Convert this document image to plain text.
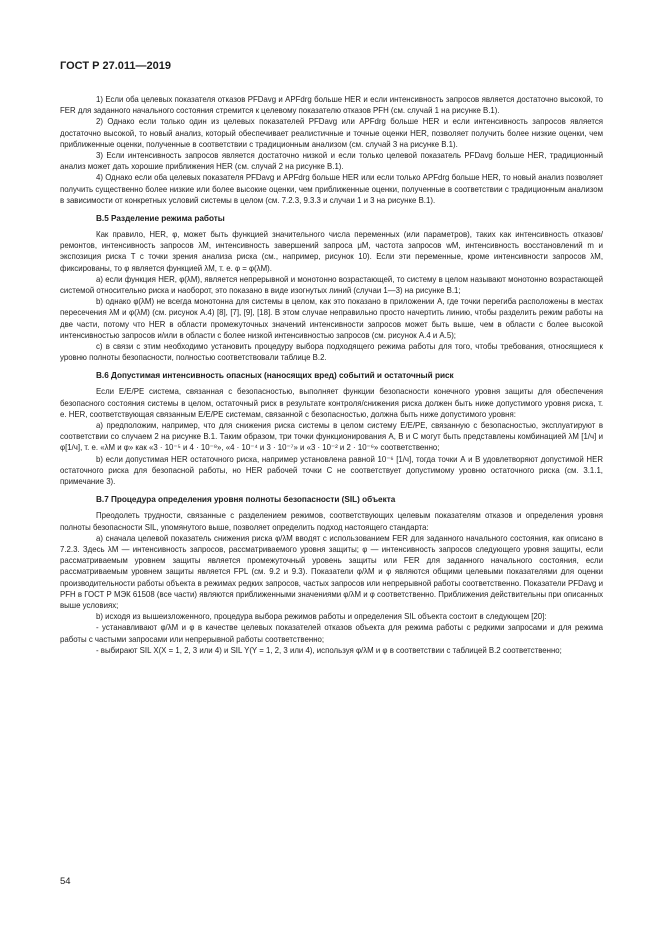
ГОСТ Р 27.011—2019

1) Если оба целевых показателя отказов PFDavg и APFdrg больше HER и если интенсивность запросов является достаточно высокой, то FER для заданного начального состояния стремится к целевому показателю отказов PFH (см. случай 1 на рисунке В.1).

2) Однако если только один из целевых показателей PFDavg или APFdrg больше HER и если интенсивность запросов является достаточно высокой, то новый анализ, который обеспечивает реалистичные и точные оценки HER, позволяет получить более низкие оценки, чем приближенные оценки, полученные в соответствии с традиционным анализом (см. случай 3 на рисунке В.1).

3) Если интенсивность запросов является достаточно низкой и если только целевой показатель PFDavg больше HER, традиционный анализ может дать хорошие приближения HER (см. случай 2 на рисунке В.1).

4) Однако если оба целевых показателя PFDavg и APFdrg больше HER или если только APFdrg больше HER, то новый анализ позволяет получить существенно более низкие или более высокие оценки, чем приближенные оценки, полученные в соответствии с традиционным анализом в зависимости от конкретных условий системы в целом (см. 7.2.3, 9.3.3 и случаи 1 и 3 на рисунке В.1).

В.5 Разделение режима работы

Как правило, HER, φ, может быть функцией значительного числа переменных (или параметров), таких как интенсивность отказов/ремонтов, интенсивность запросов λM, интенсивность завершений запроса μM, частота запросов wM, интенсивность восстановлений m и экспозиция риска T с точки зрения анализа риска (см., например, рисунок 10). Если эти переменные, кроме интенсивности запросов λM, фиксированы, то φ является функцией λM, т. е. φ = φ(λM).

a) если функция HER, φ(λM), является непрерывной и монотонно возрастающей, то систему в целом называют монотонно возрастающей системой относительно риска и наоборот, это показано в виде изогнутых линий (случаи 1—3) на рисунке В.1;

b) однако φ(λM) не всегда монотонна для системы в целом, как это показано в приложении А, где точки перегиба расположены в местах пересечения λM и φ(λM) (см. рисунок А.4) [8], [7], [9], [18]. В этом случае неправильно просто начертить линию, чтобы разделить режим работы на две части, потому что HER в области промежуточных значений интенсивности запросов может быть выше, чем в области с более высокой интенсивностью запросов и/или в области с более низкой интенсивностью запросов (см. рисунок А.4 и А.5);

c) в связи с этим необходимо установить процедуру выбора подходящего режима работы для того, чтобы требования, относящиеся к уровню полноты безопасности, полностью соответствовали таблице В.2.

В.6 Допустимая интенсивность опасных (наносящих вред) событий и остаточный риск

Если Е/Е/РЕ система, связанная с безопасностью, выполняет функции безопасности конечного уровня защиты для обеспечения безопасного состояния системы в целом, остаточный риск в результате контроля/снижения риска должен быть ниже допустимого уровня риска, т. е. HER, соответствующая связанным Е/Е/РЕ системам, связанной с безопасностью, должна быть ниже допустимого уровня:

a) предположим, например, что для снижения риска системы в целом систему Е/Е/РЕ, связанную с безопасностью, эксплуатируют в соответствии со случаем 2 на рисунке В.1. Таким образом, три точки функционирования А, В и С могут быть представлены комбинацией λM [1/ч] и φ[1/ч], т. е. «λM и φ» как «3 · 10⁻⁵ и 4 · 10⁻⁸», «4 · 10⁻⁴ и 3 · 10⁻⁷» и «3 · 10⁻² и 2 · 10⁻⁶» соответственно;

b) если допустимая HER остаточного риска, например установлена равной 10⁻⁶ [1/ч], тогда точки А и В удовлетворяют допустимой HER остаточного риска для безопасной работы, но HER рабочей точки С не соответствует допустимому уровню остаточного риска (см. 3.1.1, примечание 3).

В.7 Процедура определения уровня полноты безопасности (SIL) объекта

Преодолеть трудности, связанные с разделением режимов, соответствующих целевым показателям отказов и определения уровня полноты безопасности SIL, упомянутого выше, позволяет определить подход настоящего стандарта:

a) сначала целевой показатель снижения риска φ/λM вводят с использованием FER для заданного начального состояния, как описано в 7.2.3. Здесь λM — интенсивность запросов, рассматриваемого уровня защиты; φ — интенсивность запросов следующего уровня защиты, если рассматриваемым уровнем защиты является промежуточный уровень защиты или FER для заданного начального состояния, если рассматриваемым уровнем защиты является FPL (см. 9.2 и 9.3). Показатели φ/λM и φ являются общими целевыми показателями для оценки производительности работы объекта в режимах редких запросов, частых запросов или непрерывной работы соответственно. Показатели PFDavg и PFH в ГОСТ Р МЭК 61508 (все части) являются приближенными значениями φ/λM и φ соответственно. Приближения действительны при описанных выше условиях;

b) исходя из вышеизложенного, процедура выбора режимов работы и определения SIL объекта состоит в следующем [20]:

- устанавливают φ/λM и φ в качестве целевых показателей отказов объекта для режима работы с редкими запросами и для режима работы с частыми запросами или непрерывной работы соответственно;

- выбирают SIL X(X = 1, 2, 3 или 4) и SIL Y(Y = 1, 2, 3 или 4), используя φ/λM и φ в соответствии с таблицей В.2 соответственно;

54
